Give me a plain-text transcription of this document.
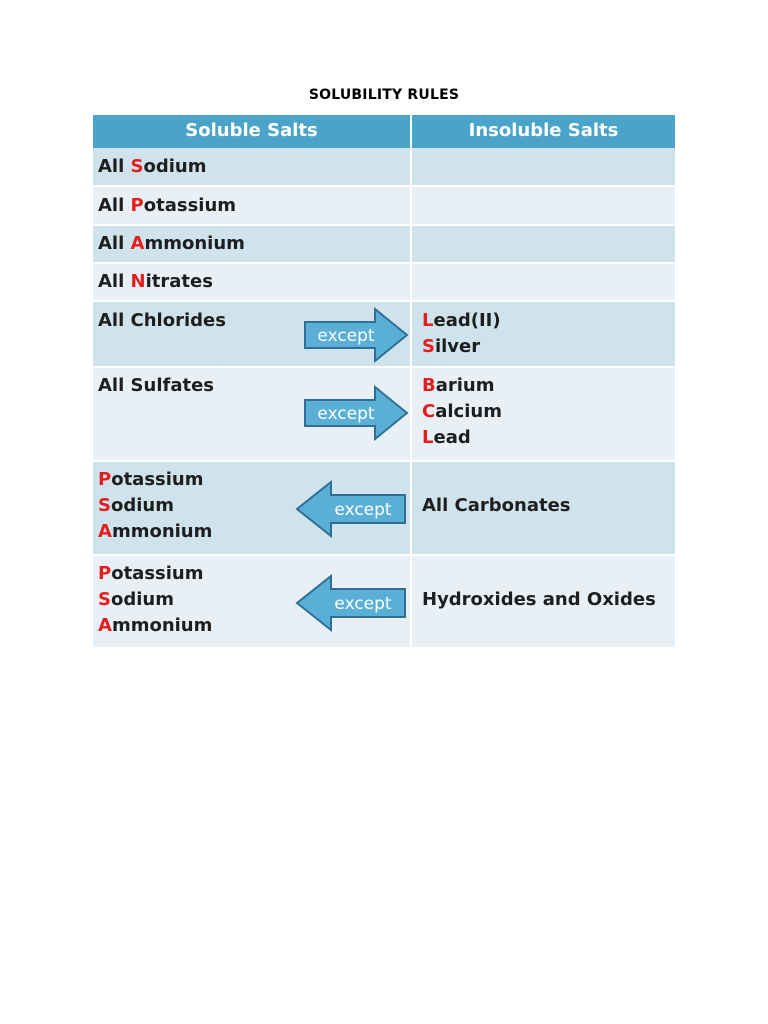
SOLUBILITY RULES
Soluble Salts	Insoluble Salts
All Sodium
All Potassium
All Ammonium
All Nitrates
All Chlorides
except
Lead(II)
Silver
All Sulfates
except
Barium
Calcium
Lead
Potassium
Sodium
Ammonium
except All Carbonates
Potassium
Sodium
Ammonium
except Hydroxides and Oxides
